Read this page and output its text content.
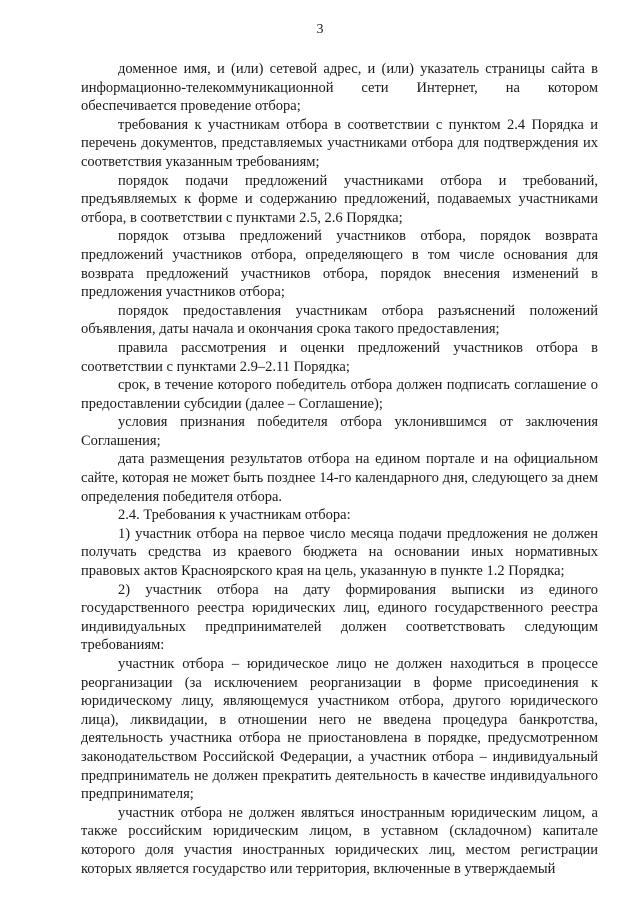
3

доменное имя, и (или) сетевой адрес, и (или) указатель страницы сайта в информационно-телекоммуникационной сети Интернет, на котором обеспечивается проведение отбора;

требования к участникам отбора в соответствии с пунктом 2.4 Порядка и перечень документов, представляемых участниками отбора для подтверждения их соответствия указанным требованиям;

порядок подачи предложений участниками отбора и требований, предъявляемых к форме и содержанию предложений, подаваемых участниками отбора, в соответствии с пунктами 2.5, 2.6 Порядка;

порядок отзыва предложений участников отбора, порядок возврата предложений участников отбора, определяющего в том числе основания для возврата предложений участников отбора, порядок внесения изменений в предложения участников отбора;

порядок предоставления участникам отбора разъяснений положений объявления, даты начала и окончания срока такого предоставления;

правила рассмотрения и оценки предложений участников отбора в соответствии с пунктами 2.9–2.11 Порядка;

срок, в течение которого победитель отбора должен подписать соглашение о предоставлении субсидии (далее – Соглашение);

условия признания победителя отбора уклонившимся от заключения Соглашения;

дата размещения результатов отбора на едином портале и на официальном сайте, которая не может быть позднее 14-го календарного дня, следующего за днем определения победителя отбора.

2.4. Требования к участникам отбора:

1) участник отбора на первое число месяца подачи предложения не должен получать средства из краевого бюджета на основании иных нормативных правовых актов Красноярского края на цель, указанную в пункте 1.2 Порядка;

2) участник отбора на дату формирования выписки из единого государственного реестра юридических лиц, единого государственного реестра индивидуальных предпринимателей должен соответствовать следующим требованиям:

участник отбора – юридическое лицо не должен находиться в процессе реорганизации (за исключением реорганизации в форме присоединения к юридическому лицу, являющемуся участником отбора, другого юридического лица), ликвидации, в отношении него не введена процедура банкротства, деятельность участника отбора не приостановлена в порядке, предусмотренном законодательством Российской Федерации, а участник отбора – индивидуальный предприниматель не должен прекратить деятельность в качестве индивидуального предпринимателя;

участник отбора не должен являться иностранным юридическим лицом, а также российским юридическим лицом, в уставном (складочном) капитале которого доля участия иностранных юридических лиц, местом регистрации которых является государство или территория, включенные в утверждаемый
